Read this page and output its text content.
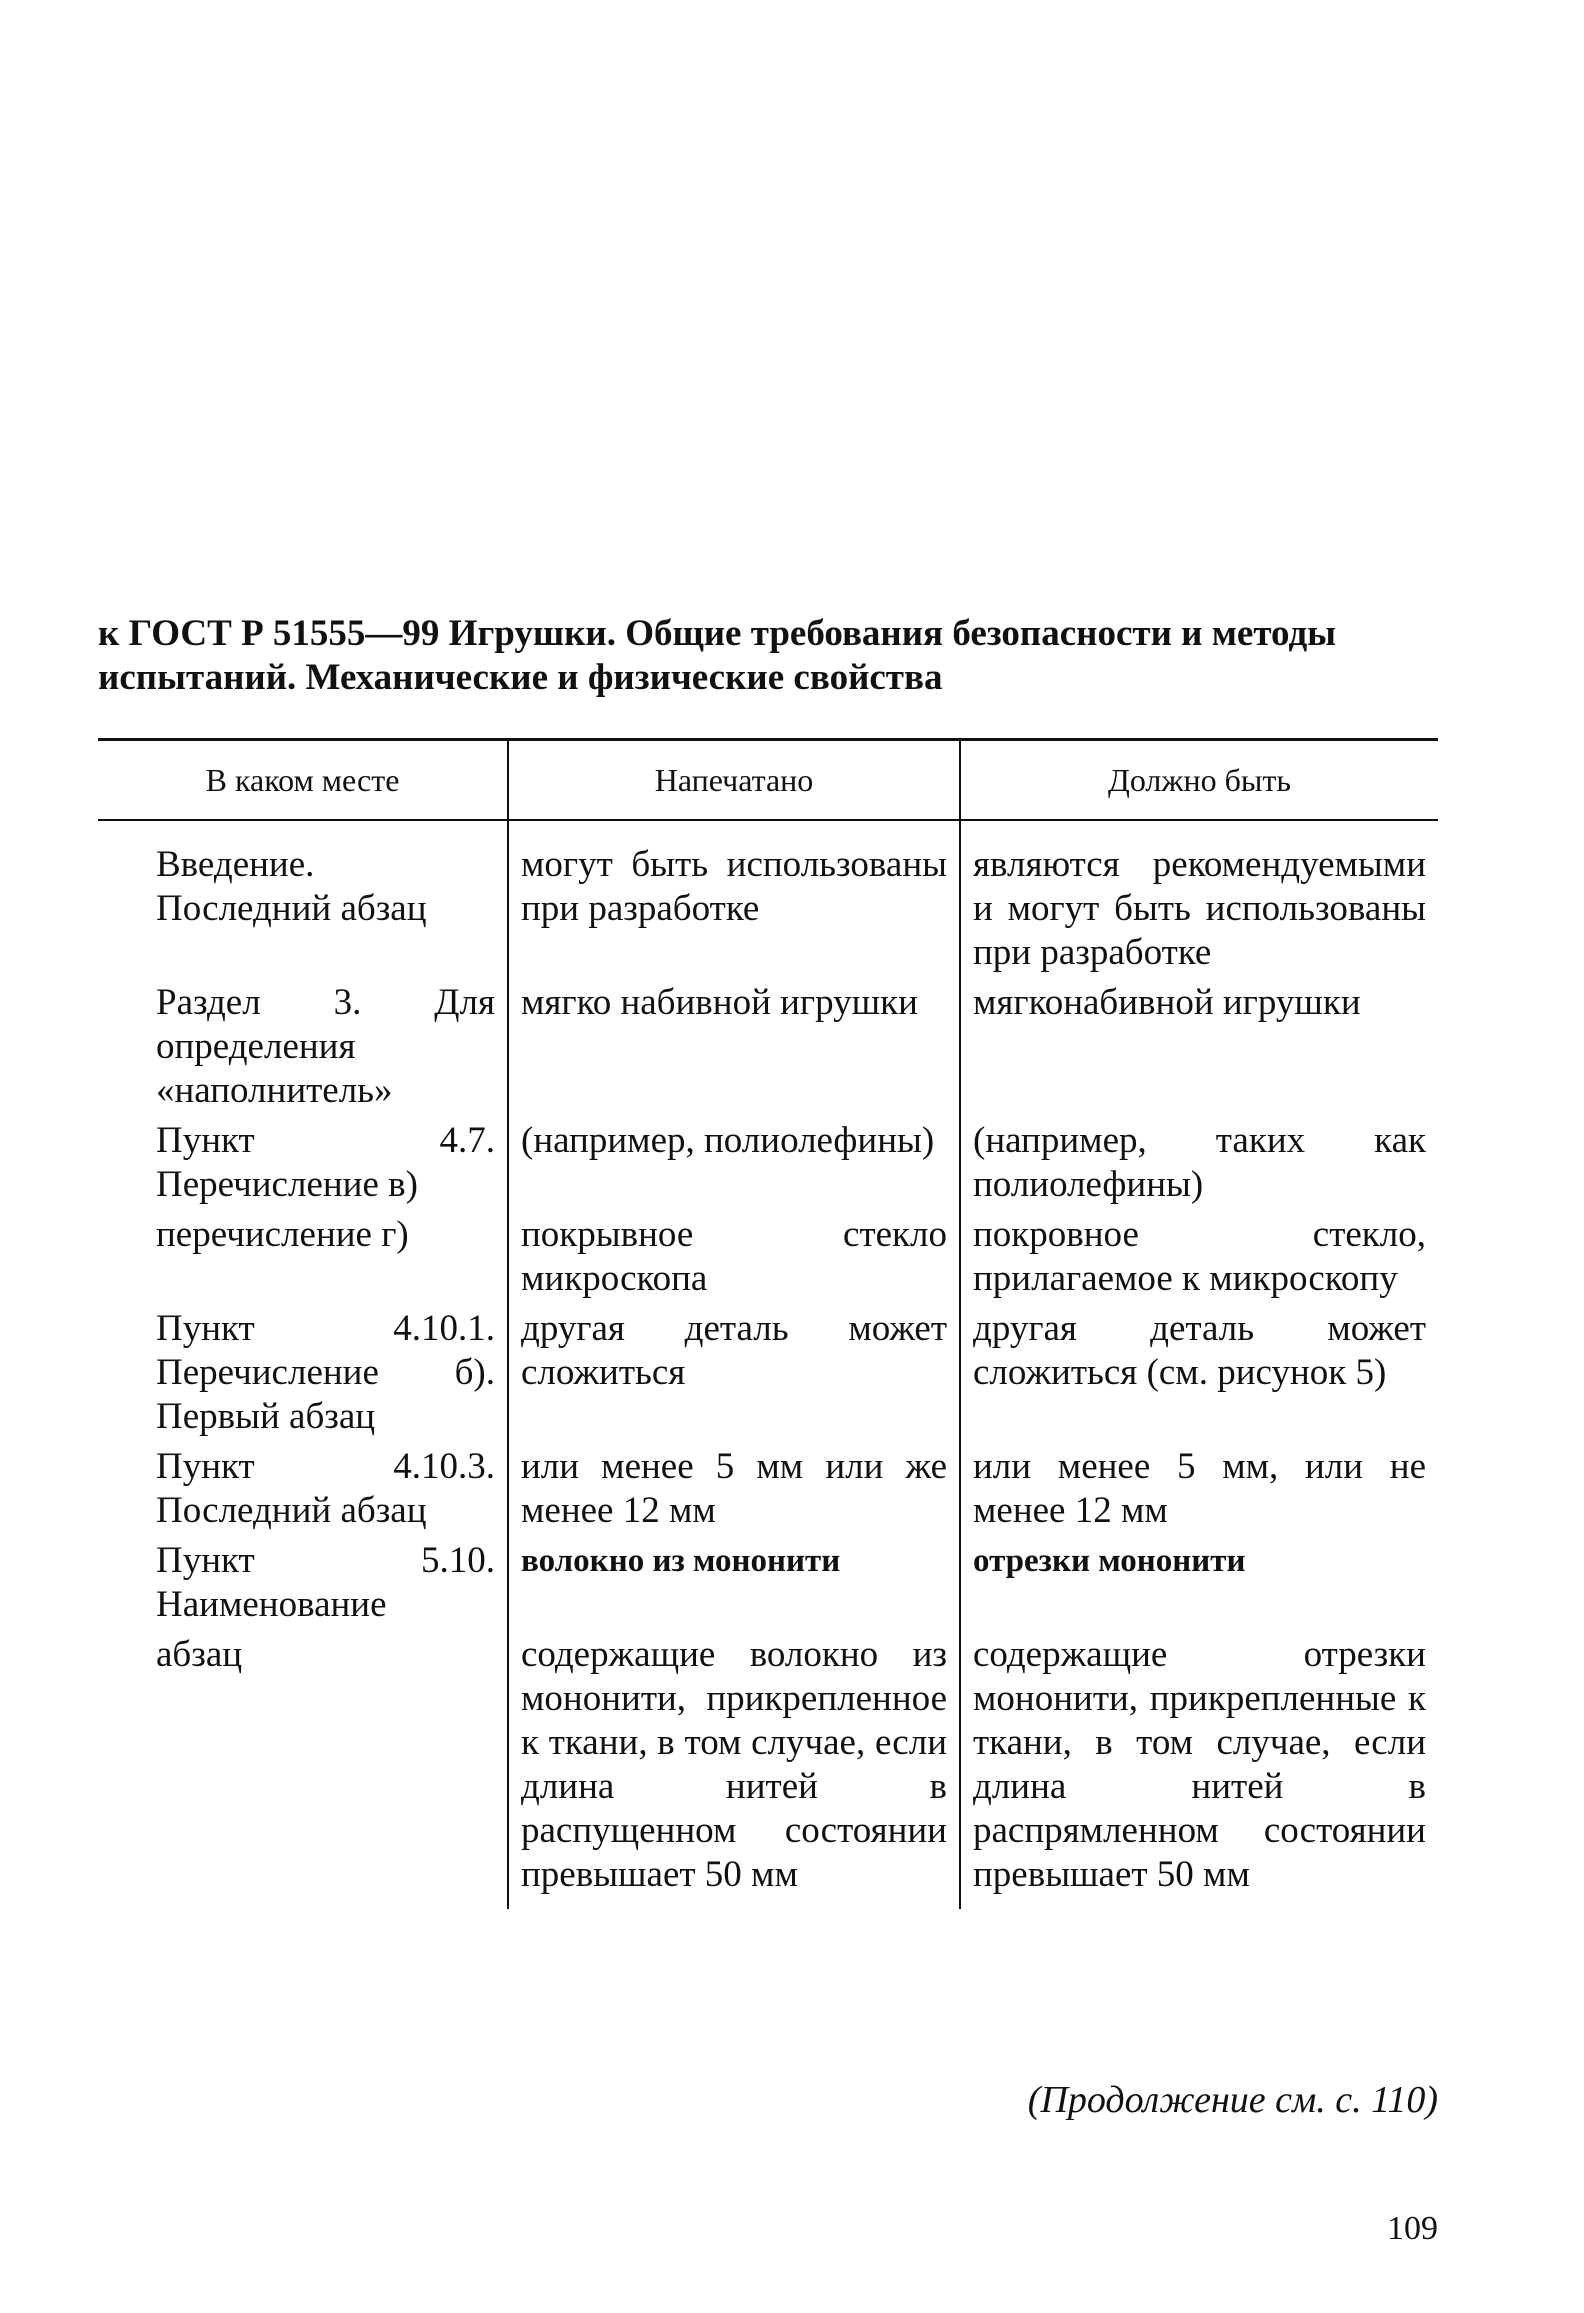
к ГОСТ Р 51555—99 Игрушки. Общие требования безопасности и методы
испытаний. Механические и физические свойства
В каком месте	Напечатано	Должно быть
Введение. Последний абзац	могут быть использованы при разработке	являются рекомендуемыми и могут быть использованы при разработке
Раздел 3. Для определения «наполнитель»	мягко набивной игрушки	мягконабивной игрушки
Пункт 4.7. Перечисление в)	(например, полиолефины)	(например, таких как полиолефины)
перечисление г)	покрывное стекло микроскопа	покровное стекло, прилагаемое к микроскопу
Пункт 4.10.1. Перечисление б). Первый абзац	другая деталь может сложиться	другая деталь может сложиться (см. рисунок 5)
Пункт 4.10.3. Последний абзац	или менее 5 мм или же менее 12 мм	или менее 5 мм, или не менее 12 мм
Пункт 5.10. Наименование	волокно из мононити	отрезки мононити
абзац	содержащие волокно из мононити, прикрепленное к ткани, в том случае, если длина нитей в распущенном состоянии превышает 50 мм	содержащие отрезки мононити, прикрепленные к ткани, в том случае, если длина нитей в распрямленном состоянии превышает 50 мм
(Продолжение см. с. 110)
109
